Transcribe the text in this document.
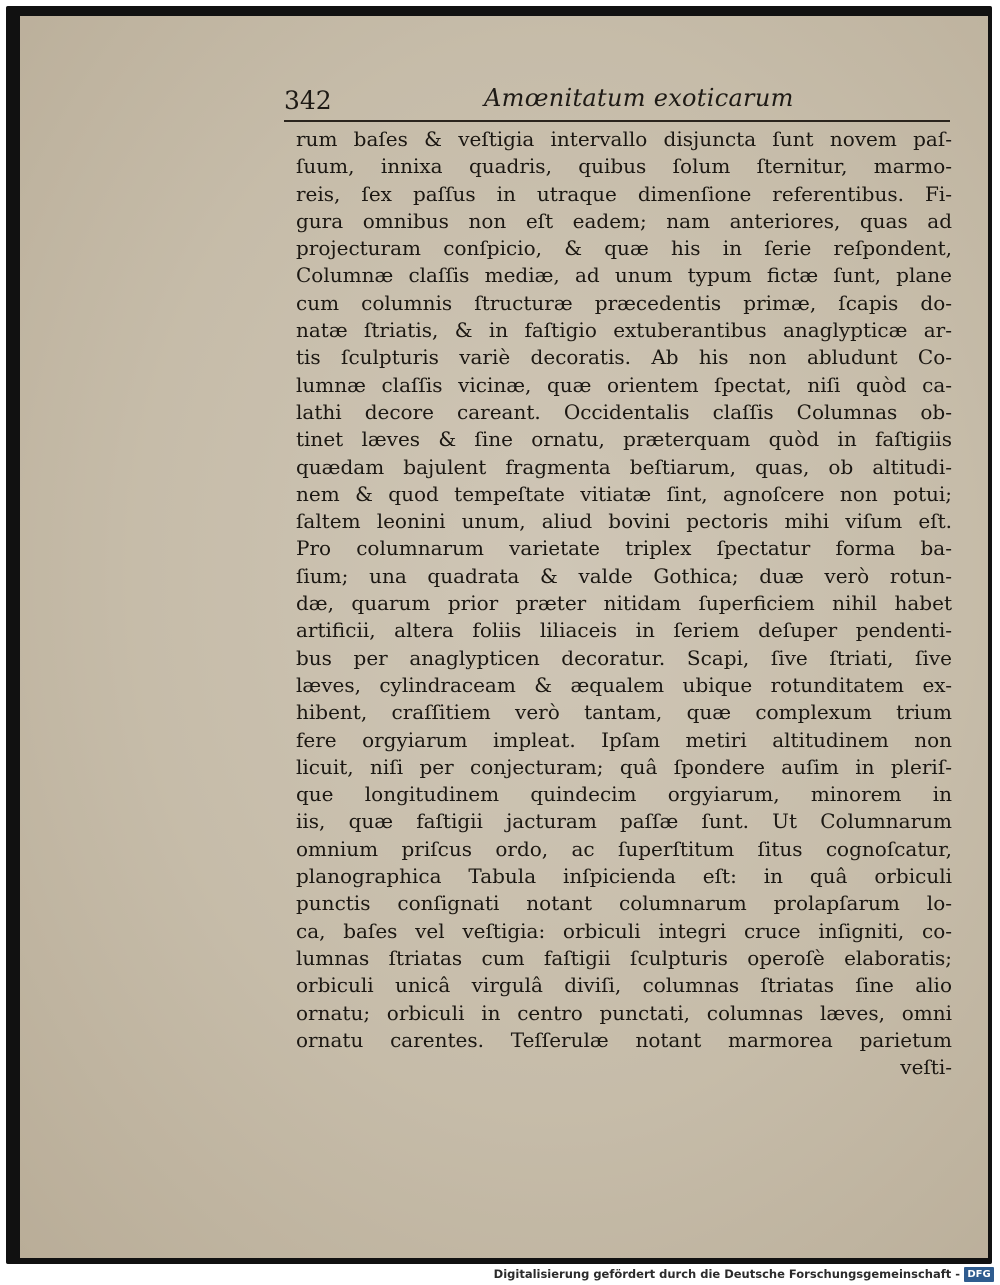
342	Amœnitatum exoticarum
rum baſes & veſtigia intervallo disjuncta ſunt novem paſ-
ſuum, innixa quadris, quibus ſolum ſternitur, marmo-
reis, ſex paſſus in utraque dimenſione referentibus. Fi-
gura omnibus non eſt eadem; nam anteriores, quas ad
projecturam conſpicio, & quæ his in ſerie reſpondent,
Columnæ claſſis mediæ, ad unum typum fictæ ſunt, plane
cum columnis ſtructuræ præcedentis primæ, ſcapis do-
natæ ſtriatis, & in faſtigio extuberantibus anaglypticæ ar-
tis ſculpturis variè decoratis. Ab his non abludunt Co-
lumnæ claſſis vicinæ, quæ orientem ſpectat, niſi quòd ca-
lathi decore careant. Occidentalis claſſis Columnas ob-
tinet læves & ſine ornatu, præterquam quòd in faſtigiis
quædam bajulent fragmenta beſtiarum, quas, ob altitudi-
nem & quod tempeſtate vitiatæ ſint, agnoſcere non potui;
ſaltem leonini unum, aliud bovini pectoris mihi viſum eſt.
Pro columnarum varietate triplex ſpectatur forma ba-
ſium; una quadrata & valde Gothica; duæ verò rotun-
dæ, quarum prior præter nitidam ſuperficiem nihil habet
artificii, altera foliis liliaceis in ſeriem deſuper pendenti-
bus per anaglypticen decoratur. Scapi, ſive ſtriati, ſive
læves, cylindraceam & æqualem ubique rotunditatem ex-
hibent, craſſitiem verò tantam, quæ complexum trium
fere orgyiarum impleat. Ipſam metiri altitudinem non
licuit, niſi per conjecturam; quâ ſpondere auſim in pleriſ-
que longitudinem quindecim orgyiarum, minorem in
iis, quæ faſtigii jacturam paſſæ ſunt. Ut Columnarum
omnium priſcus ordo, ac ſuperſtitum ſitus cognoſcatur,
planographica Tabula inſpicienda eſt: in quâ orbiculi
punctis conſignati notant columnarum prolapſarum lo-
ca, baſes vel veſtigia: orbiculi integri cruce inſigniti, co-
lumnas ſtriatas cum faſtigii ſculpturis operoſè elaboratis;
orbiculi unicâ virgulâ diviſi, columnas ſtriatas ſine alio
ornatu; orbiculi in centro punctati, columnas læves, omni
ornatu carentes. Teſſerulæ notant marmorea parietum
veſti-
Digitalisierung gefördert durch die Deutsche Forschungsgemeinschaft - DFG
